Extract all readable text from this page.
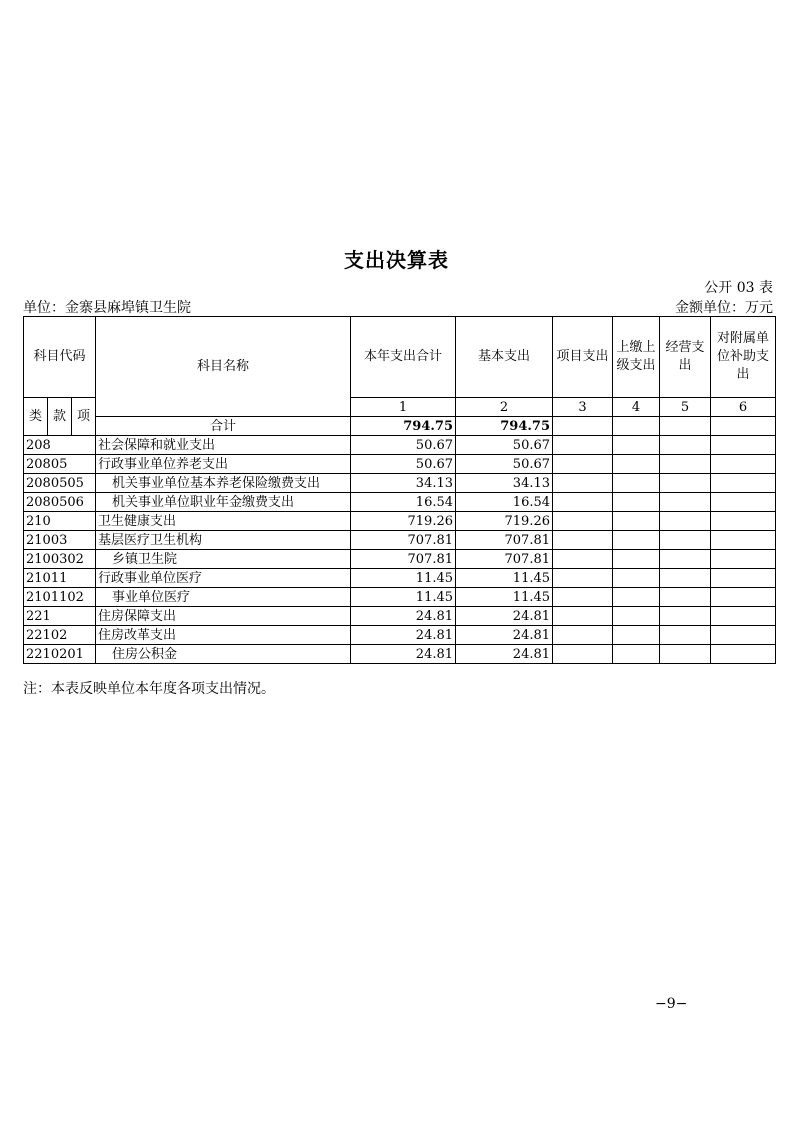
支出决算表
公开 03 表
单位：金寨县麻埠镇卫生院	金额单位：万元
科目代码			科目名称	本年支出合计	基本支出	项目支出	上缴上级支出	经营支出	对附属单位补助支出
类	款	项		1	2	3	4	5	6
			合计	794.75	794.75				
208			社会保障和就业支出	50.67	50.67				
20805			行政事业单位养老支出	50.67	50.67				
2080505			机关事业单位基本养老保险缴费支出	34.13	34.13				
2080506			机关事业单位职业年金缴费支出	16.54	16.54				
210			卫生健康支出	719.26	719.26				
21003			基层医疗卫生机构	707.81	707.81				
2100302			乡镇卫生院	707.81	707.81				
21011			行政事业单位医疗	11.45	11.45				
2101102			事业单位医疗	11.45	11.45				
221			住房保障支出	24.81	24.81				
22102			住房改革支出	24.81	24.81				
2210201			住房公积金	24.81	24.81				
注：本表反映单位本年度各项支出情况。
−9−
